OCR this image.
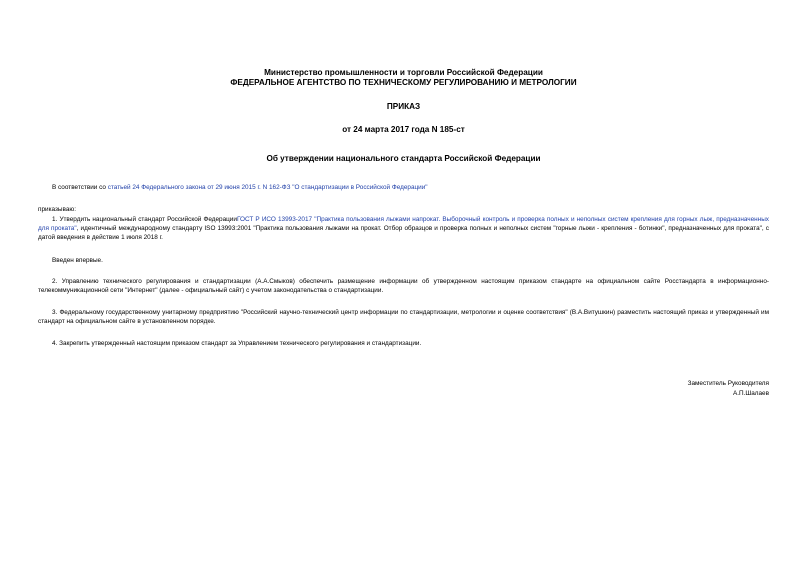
Министерство промышленности и торговли Российской Федерации
ФЕДЕРАЛЬНОЕ АГЕНТСТВО ПО ТЕХНИЧЕСКОМУ РЕГУЛИРОВАНИЮ И МЕТРОЛОГИИ
ПРИКАЗ
от 24 марта 2017 года N 185-ст
Об утверждении национального стандарта Российской Федерации
В соответствии со статьей 24 Федерального закона от 29 июня 2015 г. N 162-ФЗ "О стандартизации в Российской Федерации"
приказываю:
1. Утвердить национальный стандарт Российской ФедерацииГОСТ Р ИСО 13993-2017 "Практика пользования лыжами напрокат. Выборочный контроль и проверка полных и неполных систем крепления для горных лыж, предназначенных для проката", идентичный международному стандарту ISO 13993:2001 "Практика пользования лыжами на прокат. Отбор образцов и проверка полных и неполных систем "горные лыжи - крепления - ботинки", предназначенных для проката", с датой введения в действие 1 июля 2018 г.
Введен впервые.
2. Управлению технического регулирования и стандартизации (А.А.Смыков) обеспечить размещение информации об утвержденном настоящим приказом стандарте на официальном сайте Росстандарта в информационно-телекоммуникационной сети "Интернет" (далее - официальный сайт) с учетом законодательства о стандартизации.
3. Федеральному государственному унитарному предприятию "Российский научно-технический центр информации по стандартизации, метрологии и оценке соответствия" (В.А.Витушкин) разместить настоящий приказ и утвержденный им стандарт на официальном сайте в установленном порядке.
4. Закрепить утвержденный настоящим приказом стандарт за Управлением технического регулирования и стандартизации.
Заместитель Руководителя
А.П.Шалаев
